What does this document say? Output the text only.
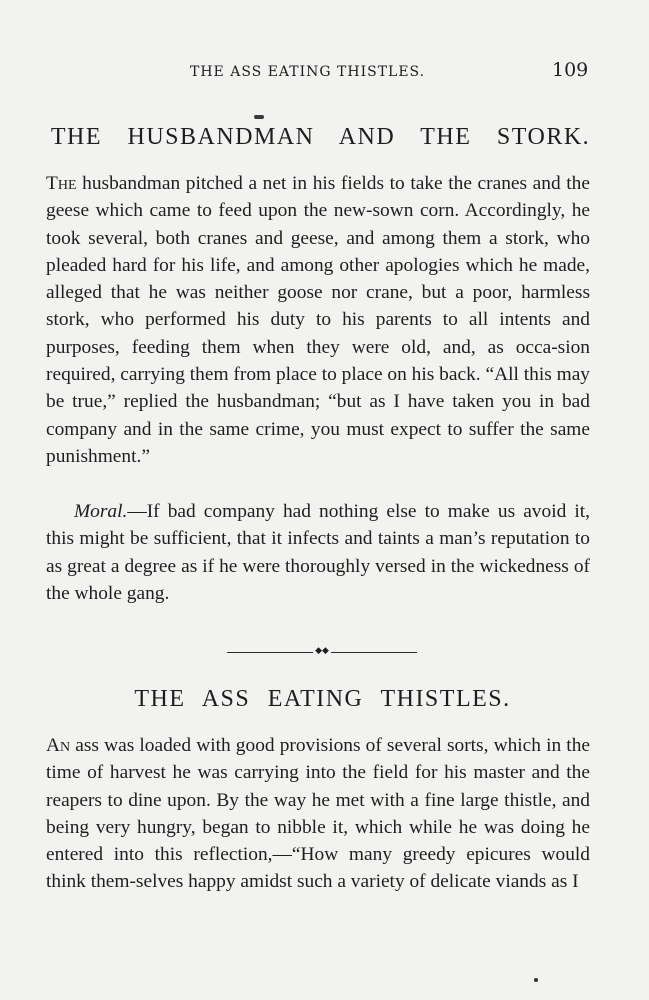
THE ASS EATING THISTLES.	109
THE HUSBANDMAN AND THE STORK.

The husbandman pitched a net in his fields to take the cranes and the geese which came to feed upon the new-sown corn. Accordingly, he took several, both cranes and geese, and among them a stork, who pleaded hard for his life, and among other apologies which he made, alleged that he was neither goose nor crane, but a poor, harmless stork, who performed his duty to his parents to all intents and purposes, feeding them when they were old, and, as occa-sion required, carrying them from place to place on his back. “All this may be true,” replied the husbandman; “but as I have taken you in bad company and in the same crime, you must expect to suffer the same punishment.”

Moral.—If bad company had nothing else to make us avoid it, this might be sufficient, that it infects and taints a man’s reputation to as great a degree as if he were thoroughly versed in the wickedness of the whole gang.

◆◆
THE ASS EATING THISTLES.

An ass was loaded with good provisions of several sorts, which in the time of harvest he was carrying into the field for his master and the reapers to dine upon. By the way he met with a fine large thistle, and being very hungry, began to nibble it, which while he was doing he entered into this reflection,—“How many greedy epicures would think them-selves happy amidst such a variety of delicate viands as I
